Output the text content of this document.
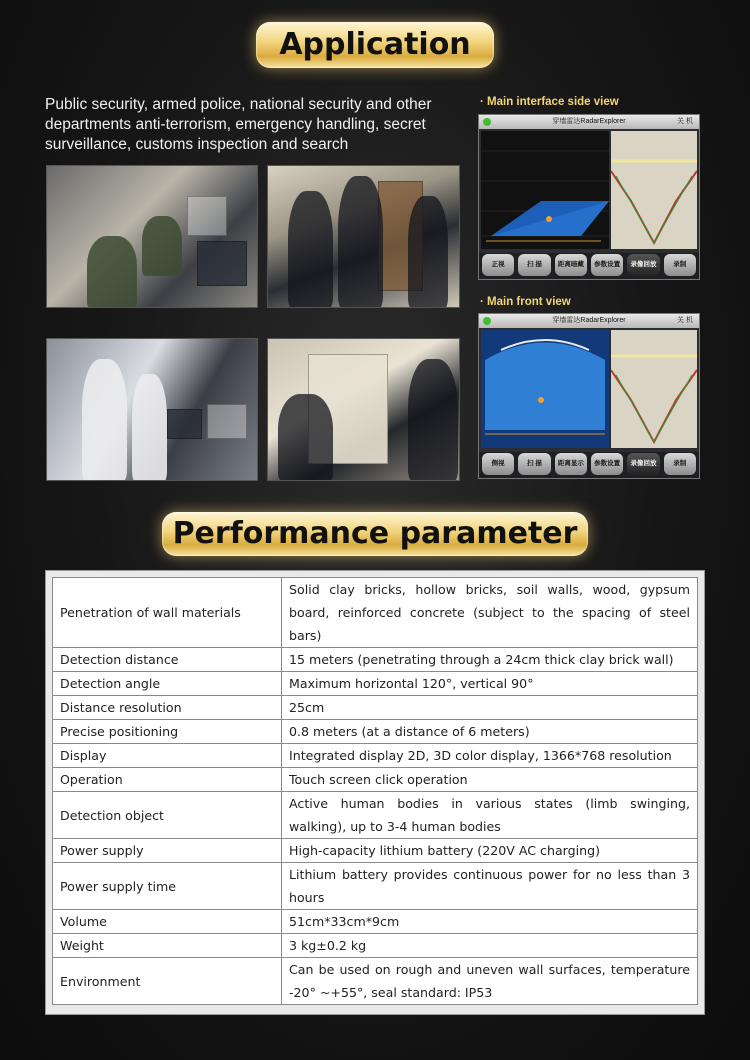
Application
Public security, armed police, national security and other departments anti-terrorism, emergency handling, secret surveillance, customs inspection and search
· Main interface side view
· Main front view
穿墙雷达RadarExplorer	关 机
正视	扫 描	距离暗藏	参数设置	录像回放	录制
穿墙雷达RadarExplorer	关 机
侧视	扫 描	距离显示	参数设置	录像回放	录制
Performance parameter
Penetration of wall materials	Solid clay bricks, hollow bricks, soil walls, wood, gypsum board, reinforced concrete (subject to the spacing of steel bars)
Detection distance	15 meters (penetrating through a 24cm thick clay brick wall)
Detection angle	Maximum horizontal 120°, vertical 90°
Distance resolution	25cm
Precise positioning	0.8 meters (at a distance of 6 meters)
Display	Integrated display 2D, 3D color display, 1366*768 resolution
Operation	Touch screen click operation
Detection object	Active human bodies in various states (limb swinging, walking), up to 3-4 human bodies
Power supply	High-capacity lithium battery (220V AC charging)
Power supply time	Lithium battery provides continuous power for no less than 3 hours
Volume	51cm*33cm*9cm
Weight	3 kg±0.2 kg
Environment	Can be used on rough and uneven wall surfaces, temperature -20° ~+55°, seal standard: IP53
